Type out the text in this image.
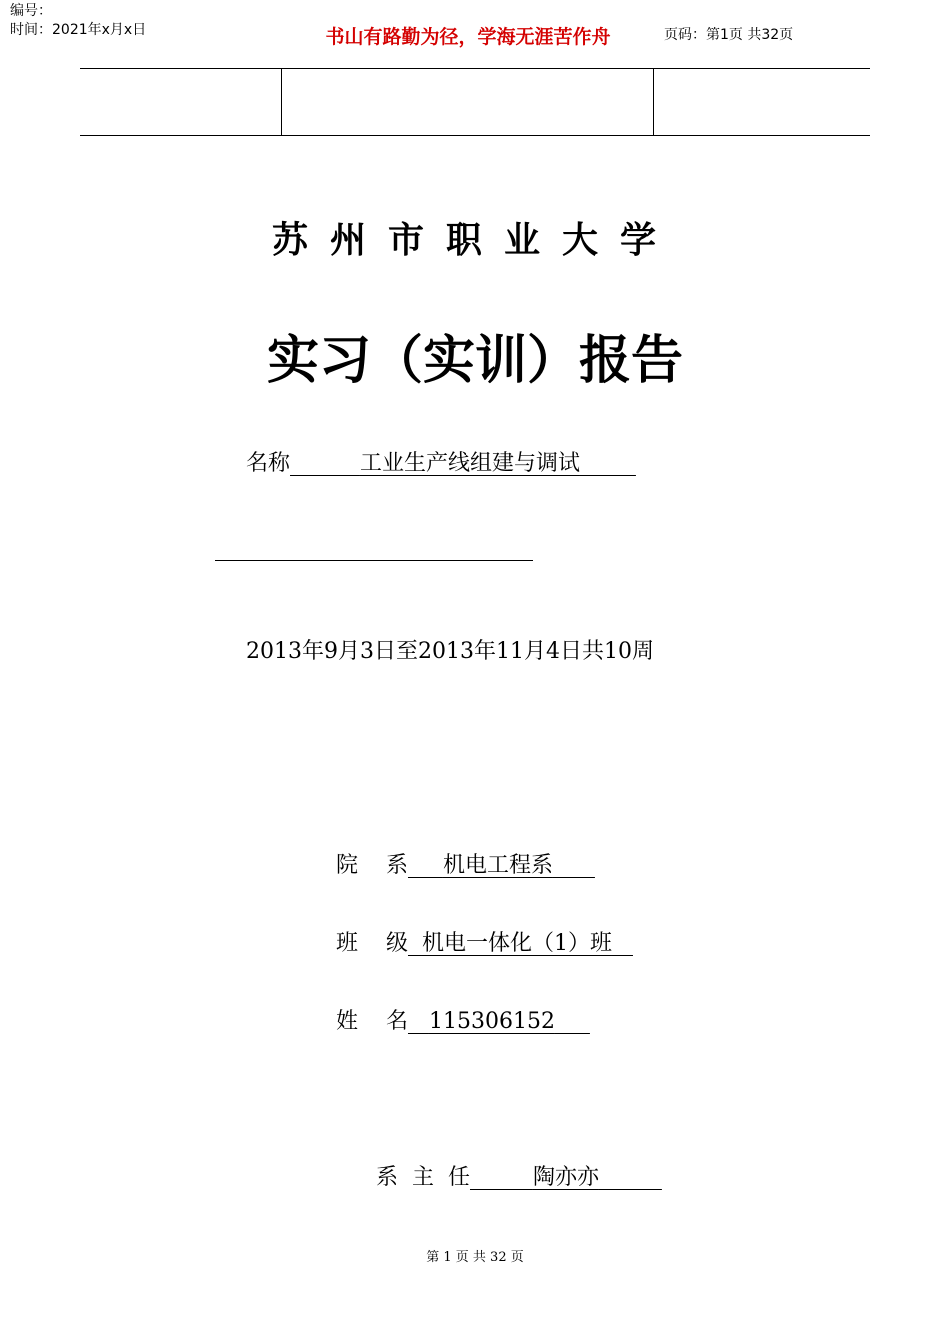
编号：
时间：2021年x月x日	书山有路勤为径，学海无涯苦作舟	页码：第1页 共32页
苏州市职业大学
实习（实训）报告
名称	工业生产线组建与调试
2013年9月3日至2013年11月4日共10周
院    系 机电工程系
班    级 机电一体化（1）班
姓    名 115306152
系  主  任	陶亦亦
第 1 页 共 32 页
